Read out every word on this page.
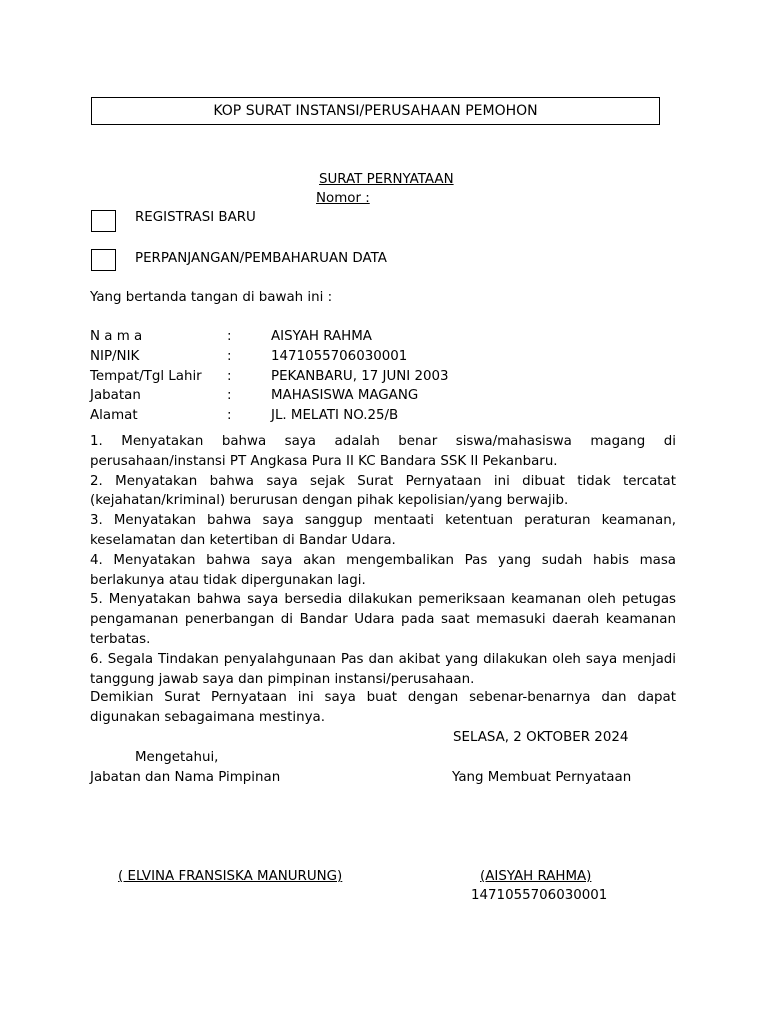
KOP SURAT INSTANSI/PERUSAHAAN PEMOHON
SURAT PERNYATAAN
Nomor :
REGISTRASI BARU
PERPANJANGAN/PEMBAHARUAN DATA
Yang bertanda tangan di bawah ini :
N a m a	:	AISYAH RAHMA
NIP/NIK	:	1471055706030001
Tempat/Tgl Lahir :	PEKANBARU, 17 JUNI 2003
Jabatan	:	MAHASISWA MAGANG
Alamat	:	JL. MELATI NO.25/B

1. Menyatakan bahwa saya adalah benar siswa/mahasiswa magang di perusahaan/instansi PT Angkasa Pura II KC Bandara SSK II Pekanbaru.

2. Menyatakan bahwa saya sejak Surat Pernyataan ini dibuat tidak tercatat (kejahatan/kriminal) berurusan dengan pihak kepolisian/yang berwajib.

3. Menyatakan bahwa saya sanggup mentaati ketentuan peraturan keamanan, keselamatan dan ketertiban di Bandar Udara.

4. Menyatakan bahwa saya akan mengembalikan Pas yang sudah habis masa berlakunya atau tidak dipergunakan lagi.

5. Menyatakan bahwa saya bersedia dilakukan pemeriksaan keamanan oleh petugas pengamanan penerbangan di Bandar Udara pada saat memasuki daerah keamanan terbatas.

6. Segala Tindakan penyalahgunaan Pas dan akibat yang dilakukan oleh saya menjadi tanggung jawab saya dan pimpinan instansi/perusahaan.

Demikian Surat Pernyataan ini saya buat dengan sebenar-benarnya dan dapat digunakan sebagaimana mestinya.
SELASA, 2 OKTOBER 2024
Mengetahui,
Jabatan dan Nama Pimpinan	Yang Membuat Pernyataan
( ELVINA FRANSISKA MANURUNG)	(AISYAH RAHMA)
1471055706030001
